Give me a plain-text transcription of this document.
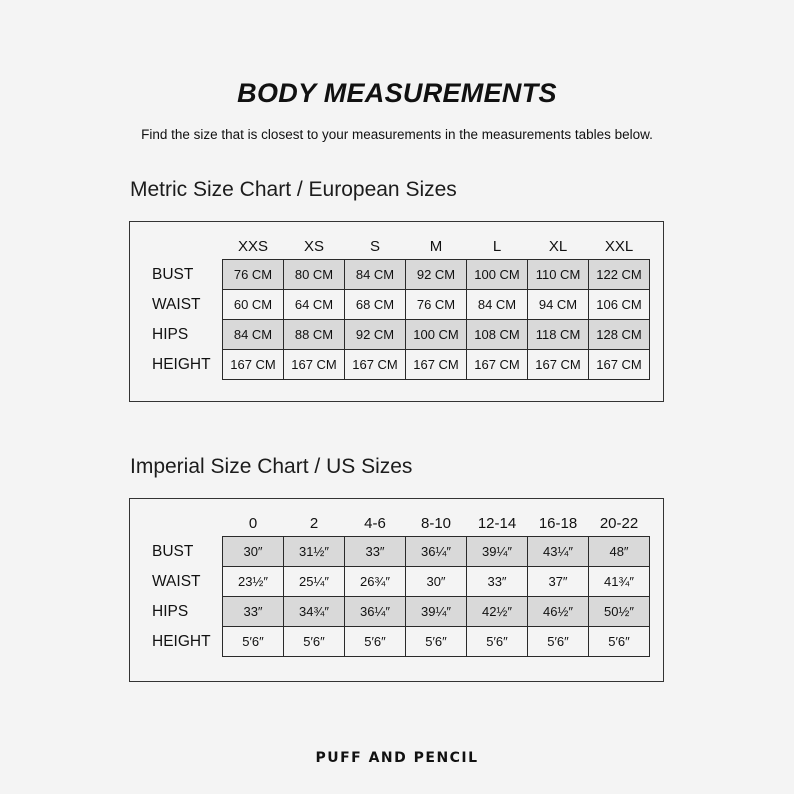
BODY MEASUREMENTS
Find the size that is closest to your measurements in the measurements tables below.
Metric Size Chart / European Sizes
	XXS	XS	S	M	L	XL	XXL
BUST	76 CM	80 CM	84 CM	92 CM	100 CM	110 CM	122 CM
WAIST	60 CM	64 CM	68 CM	76 CM	84 CM	94 CM	106 CM
HIPS	84 CM	88 CM	92 CM	100 CM	108 CM	118 CM	128 CM
HEIGHT	167 CM	167 CM	167 CM	167 CM	167 CM	167 CM	167 CM
Imperial Size Chart / US Sizes
	0	2	4-6	8-10	12-14	16-18	20-22
BUST	30″	31½″	33″	36¼″	39¼″	43¼″	48″
WAIST	23½″	25¼″	26¾″	30″	33″	37″	41¾″
HIPS	33″	34¾″	36¼″	39¼″	42½″	46½″	50½″
HEIGHT	5′6″	5′6″	5′6″	5′6″	5′6″	5′6″	5′6″
PUFF AND PENCIL
